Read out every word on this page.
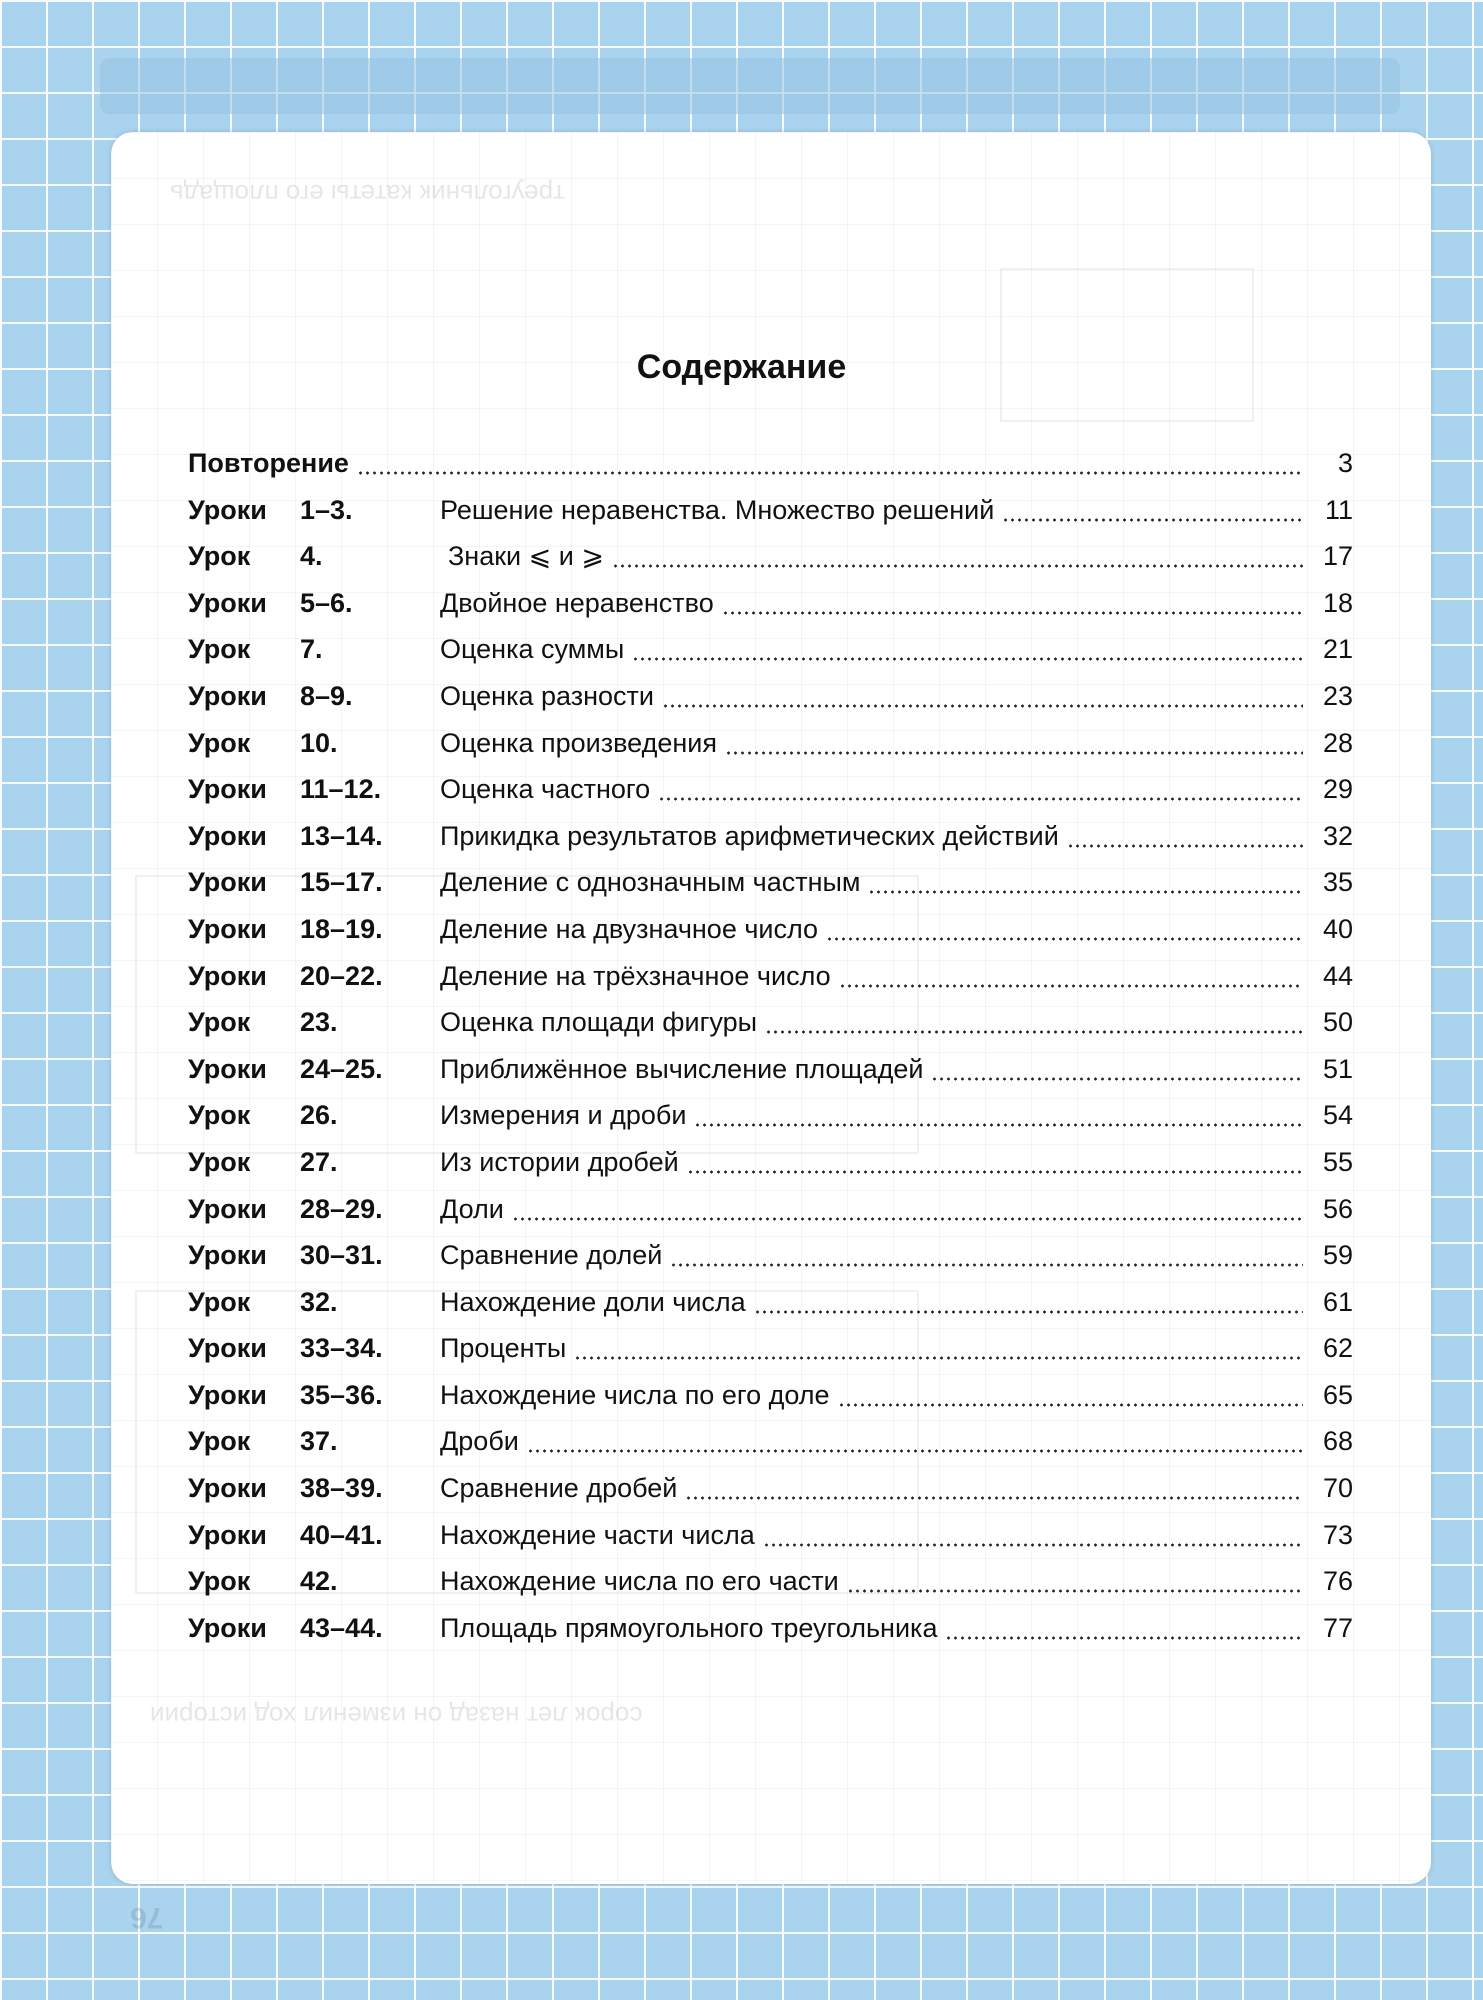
сорок лет назад он изменил ход истории
треугольник катеты его площадь
Содержание
Повторение	3
Уроки	1–3.	Решение неравенства. Множество решений	11
Урок	4.	Знаки ⩽ и ⩾	17
Уроки	5–6.	Двойное неравенство	18
Урок	7.	Оценка суммы	21
Уроки	8–9.	Оценка разности	23
Урок	10.	Оценка произведения	28
Уроки	11–12.	Оценка частного	29
Уроки	13–14.	Прикидка результатов арифметических действий	32
Уроки	15–17.	Деление с однозначным частным	35
Уроки	18–19.	Деление на двузначное число	40
Уроки	20–22.	Деление на трёхзначное число	44
Урок	23.	Оценка площади фигуры	50
Уроки	24–25.	Приближённое вычисление площадей	51
Урок	26.	Измерения и дроби	54
Урок	27.	Из истории дробей	55
Уроки	28–29.	Доли	56
Уроки	30–31.	Сравнение долей	59
Урок	32.	Нахождение доли числа	61
Уроки	33–34.	Проценты	62
Уроки	35–36.	Нахождение числа по его доле	65
Урок	37.	Дроби	68
Уроки	38–39.	Сравнение дробей	70
Уроки	40–41.	Нахождение части числа	73
Урок	42.	Нахождение числа по его части	76
Уроки	43–44.	Площадь прямоугольного треугольника	77
76
